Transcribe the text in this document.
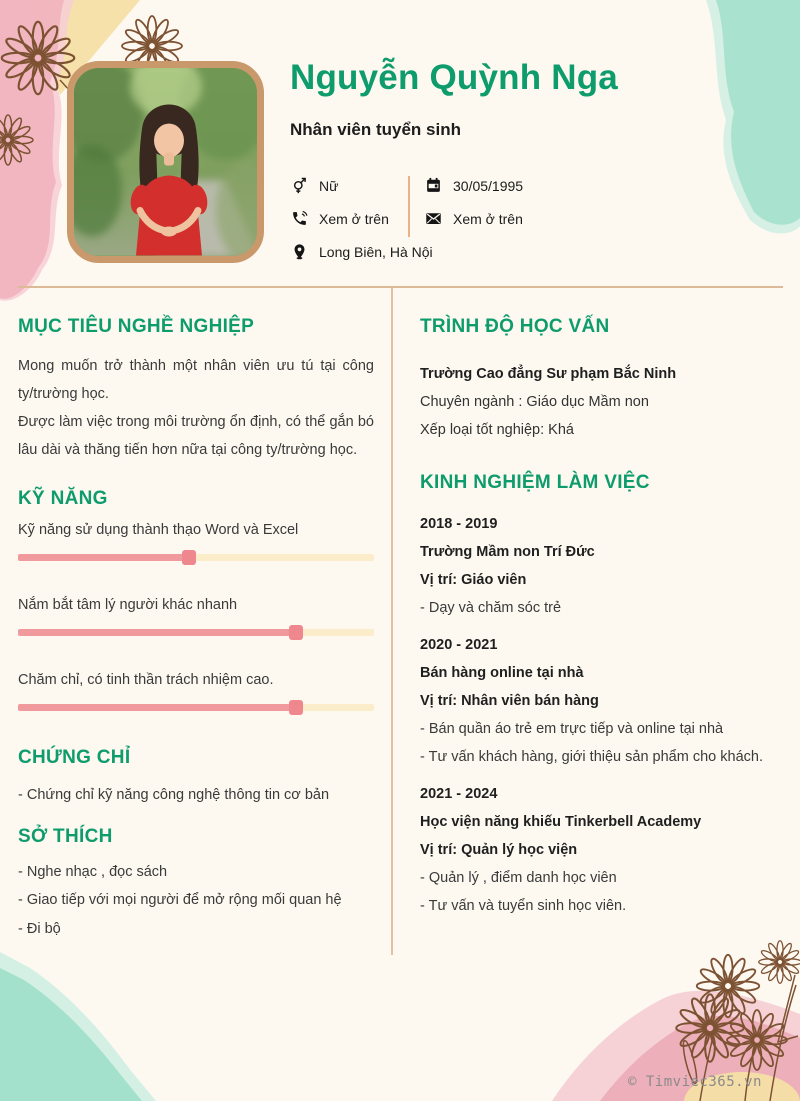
Nguyễn Quỳnh Nga
Nhân viên tuyển sinh
Nữ	30/05/1995
Xem ở trên	Xem ở trên
Long Biên, Hà Nội
MỤC TIÊU NGHỀ NGHIỆP

Mong muốn trở thành một nhân viên ưu tú tại công ty/trường học.

Được làm việc trong môi trường ổn định, có thể gắn bó lâu dài và thăng tiến hơn nữa tại công ty/trường học.

KỸ NĂNG
Kỹ năng sử dụng thành thạo Word và Excel
Nắm bắt tâm lý người khác nhanh
Chăm chỉ, có tinh thần trách nhiệm cao.
CHỨNG CHỈ
- Chứng chỉ kỹ năng công nghệ thông tin cơ bản
SỞ THÍCH
- Nghe nhạc , đọc sách
- Giao tiếp với mọi người để mở rộng mối quan hệ
- Đi bộ
TRÌNH ĐỘ HỌC VẤN
Trường Cao đẳng Sư phạm Bắc Ninh
Chuyên ngành : Giáo dục Mầm non
Xếp loại tốt nghiệp: Khá
KINH NGHIỆM LÀM VIỆC
2018 - 2019
Trường Mầm non Trí Đức
Vị trí: Giáo viên
- Dạy và chăm sóc trẻ
2020 - 2021
Bán hàng online tại nhà
Vị trí: Nhân viên bán hàng
- Bán quần áo trẻ em trực tiếp và online tại nhà
- Tư vấn khách hàng, giới thiệu sản phẩm cho khách.
2021 - 2024
Học viện năng khiếu Tinkerbell Academy
Vị trí: Quản lý học viện
- Quản lý , điểm danh học viên
- Tư vấn và tuyển sinh học viên.
© Timviec365.vn
